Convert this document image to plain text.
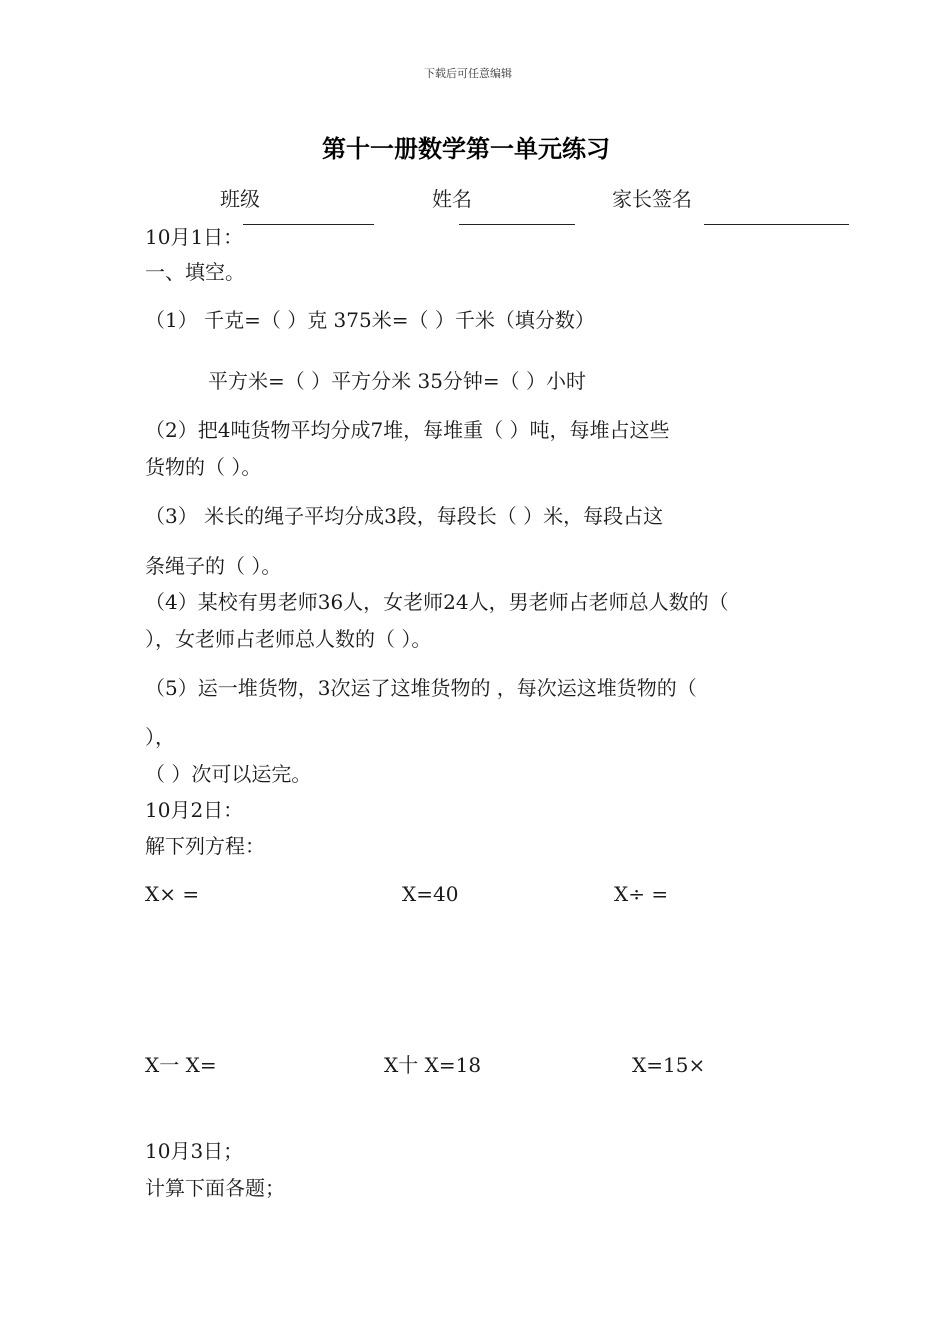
下载后可任意编辑
第十一册数学第一单元练习
班级	姓名	家长签名
10月1日：
一、填空。
（1） 千克=（ ）克 375米=（ ）千米（填分数）
平方米=（ ）平方分米 35分钟=（ ）小时
（2）把4吨货物平均分成7堆，每堆重（ ）吨，每堆占这些
货物的（ ）。
（3） 米长的绳子平均分成3段，每段长（ ）米，每段占这
条绳子的（ ）。
（4）某校有男老师36人，女老师24人，男老师占老师总人数的（
），女老师占老师总人数的（ ）。
（5）运一堆货物，3次运了这堆货物的 ，每次运这堆货物的（
），
（ ）次可以运完。
10月2日：
解下列方程：
X× =	X=40	X÷ =
X一 X=	X十 X=18	X=15×
10月3日；
计算下面各题；
